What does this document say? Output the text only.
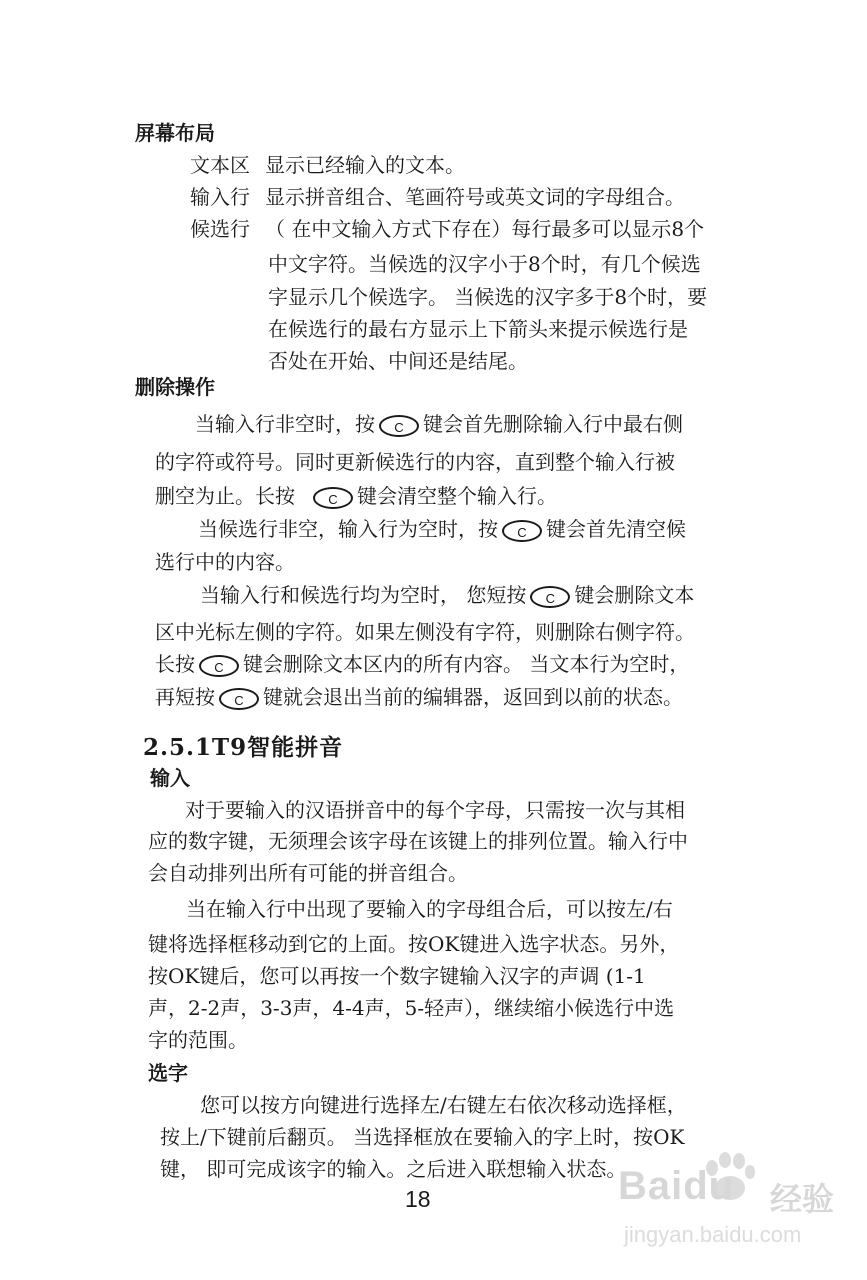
屏幕布局
文本区 显示已经输入的文本。
输入行 显示拼音组合、笔画符号或英文词的字母组合。
候选行 （ 在中文输入方式下存在）每行最多可以显示8个
中文字符。当候选的汉字小于8个时，有几个候选
字显示几个候选字。 当候选的汉字多于8个时，要
在候选行的最右方显示上下箭头来提示候选行是
否处在开始、中间还是结尾。
删除操作
当输入行非空时，按 C 键会首先删除输入行中最右侧
的字符或符号。同时更新候选行的内容，直到整个输入行被
删空为止。长按	C 键会清空整个输入行。
当候选行非空，输入行为空时，按 C 键会首先清空候
选行中的内容。
当输入行和候选行均为空时， 您短按 C 键会删除文本
区中光标左侧的字符。如果左侧没有字符，则删除右侧字符。
长按 C 键会删除文本区内的所有内容。 当文本行为空时，
再短按 C 键就会退出当前的编辑器，返回到以前的状态。
2.5.1T9智能拼音
输入
对于要输入的汉语拼音中的每个字母，只需按一次与其相
应的数字键，无须理会该字母在该键上的排列位置。输入行中
会自动排列出所有可能的拼音组合。
当在输入行中出现了要输入的字母组合后，可以按左/右
键将选择框移动到它的上面。按OK键进入选字状态。另外，
按OK键后，您可以再按一个数字键输入汉字的声调 (1-1
声，2-2声，3-3声，4-4声，5-轻声），继续缩小候选行中选
字的范围。
选字
您可以按方向键进行选择左/右键左右依次移动选择框，
按上/下键前后翻页。 当选择框放在要输入的字上时，按OK
键， 即可完成该字的输入。之后进入联想输入状态。
18	Baidu 经验
jingyan.baidu.com
